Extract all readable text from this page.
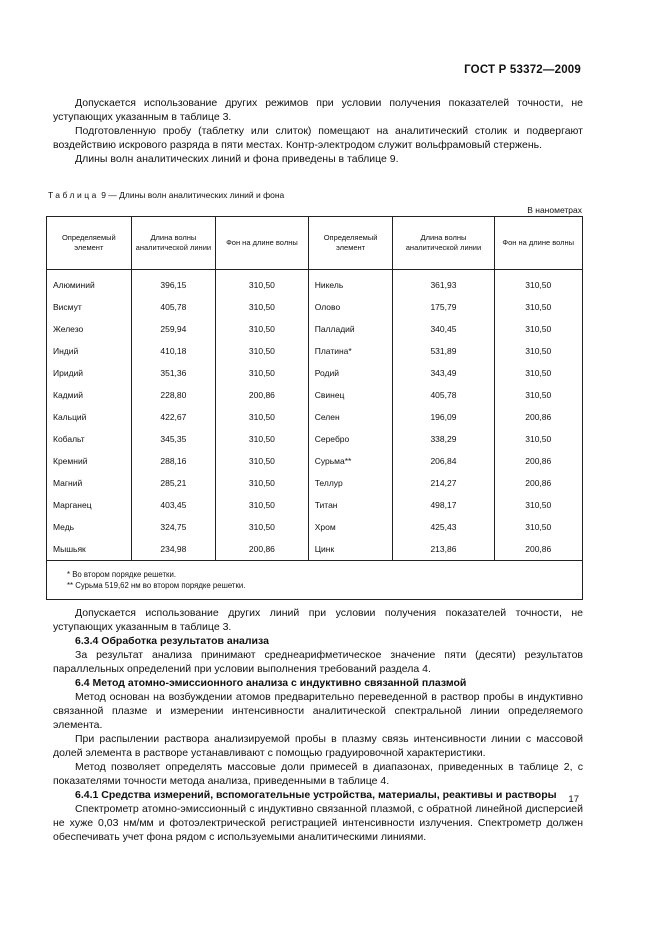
ГОСТ Р 53372—2009

Допускается использование других режимов при условии получения показателей точности, не уступающих указанным в таблице 3.

Подготовленную пробу (таблетку или слиток) помещают на аналитический столик и подвергают воздействию искрового разряда в пяти местах. Контр-электродом служит вольфрамовый стержень.

Длины волн аналитических линий и фона приведены в таблице 9.

Таблица 9 — Длины волн аналитических линий и фона
В нанометрах
Определяемый элемент	Длина волны аналитической линии	Фон на длине волны	Определяемый элемент	Длина волны аналитической линии	Фон на длине волны
Алюминий	396,15	310,50	Никель	361,93	310,50
Висмут	405,78	310,50	Олово	175,79	310,50
Железо	259,94	310,50	Палладий	340,45	310,50
Индий	410,18	310,50	Платина*	531,89	310,50
Иридий	351,36	310,50	Родий	343,49	310,50
Кадмий	228,80	200,86	Свинец	405,78	310,50
Кальций	422,67	310,50	Селен	196,09	200,86
Кобальт	345,35	310,50	Серебро	338,29	310,50
Кремний	288,16	310,50	Сурьма**	206,84	200,86
Магний	285,21	310,50	Теллур	214,27	200,86
Марганец	403,45	310,50	Титан	498,17	310,50
Медь	324,75	310,50	Хром	425,43	310,50
Мышьяк	234,98	200,86	Цинк	213,86	200,86

* Во втором порядке решетки.
** Сурьма 519,62 нм во втором порядке решетки.					

Допускается использование других линий при условии получения показателей точности, не уступающих указанным в таблице 3.

6.3.4 Обработка результатов анализа

За результат анализа принимают среднеарифметическое значение пяти (десяти) результатов параллельных определений при условии выполнения требований раздела 4.

6.4 Метод атомно-эмиссионного анализа с индуктивно связанной плазмой

Метод основан на возбуждении атомов предварительно переведенной в раствор пробы в индуктивно связанной плазме и измерении интенсивности аналитической спектральной линии определяемого элемента.

При распылении раствора анализируемой пробы в плазму связь интенсивности линии с массовой долей элемента в растворе устанавливают с помощью градуировочной характеристики.

Метод позволяет определять массовые доли примесей в диапазонах, приведенных в таблице 2, с показателями точности метода анализа, приведенными в таблице 4.

6.4.1 Средства измерений, вспомогательные устройства, материалы, реактивы и растворы

Спектрометр атомно-эмиссионный с индуктивно связанной плазмой, с обратной линейной дисперсией не хуже 0,03 нм/мм и фотоэлектрической регистрацией интенсивности излучения. Спектрометр должен обеспечивать учет фона рядом с используемыми аналитическими линиями.

17
